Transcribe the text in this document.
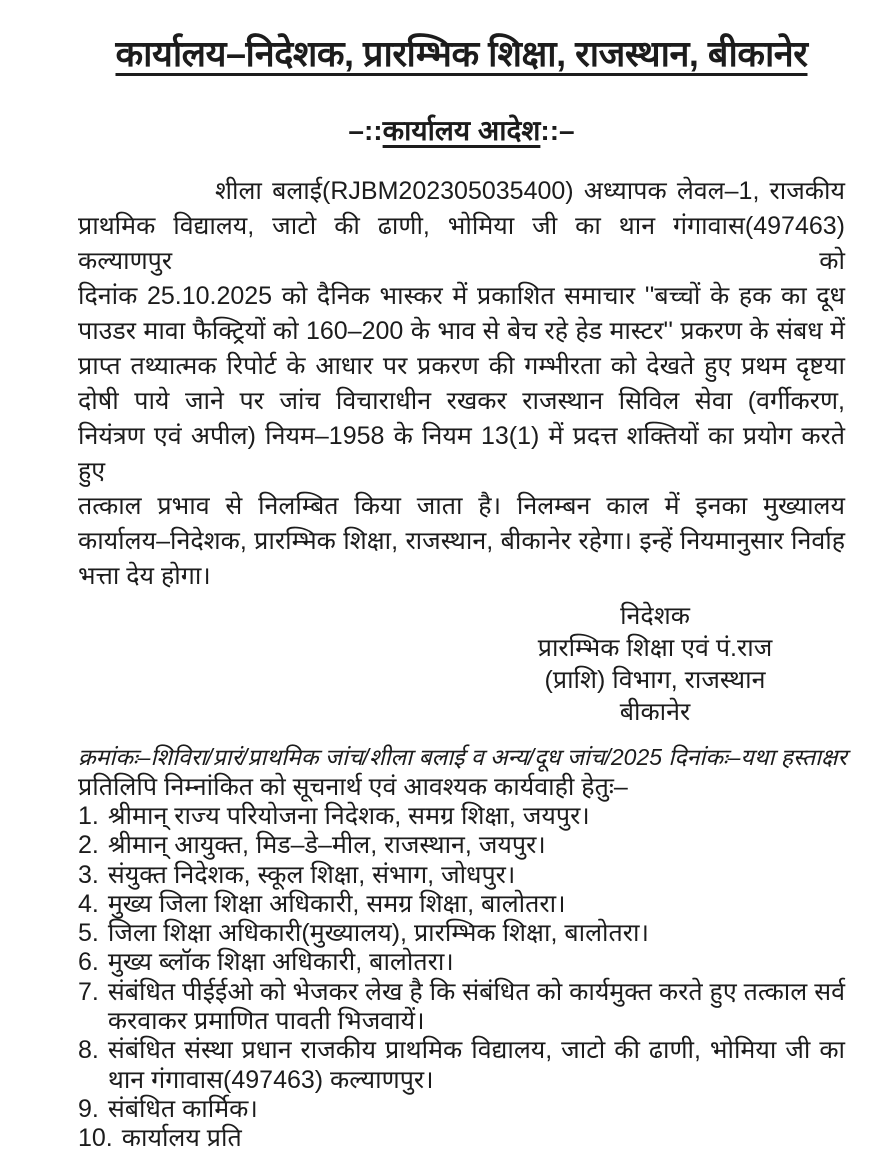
कार्यालय–निदेशक, प्रारम्भिक शिक्षा, राजस्थान, बीकानेर
–::कार्यालय आदेश::–
शीला बलाई(RJBM202305035400) अध्यापक लेवल–1, राजकीय
प्राथमिक विद्यालय, जाटो की ढाणी, भोमिया जी का थान गंगावास(497463) कल्याणपुर को
दिनांक 25.10.2025 को दैनिक भास्कर में प्रकाशित समाचार ''बच्चों के हक का दूध
पाउडर मावा फैक्ट्रियों को 160–200 के भाव से बेच रहे हेड मास्टर'' प्रकरण के संबध में
प्राप्त तथ्यात्मक रिपोर्ट के आधार पर प्रकरण की गम्भीरता को देखते हुए प्रथम दृष्टया
दोषी पाये जाने पर जांच विचाराधीन रखकर राजस्थान सिविल सेवा (वर्गीकरण,
नियंत्रण एवं अपील) नियम–1958 के नियम 13(1) में प्रदत्त शक्तियों का प्रयोग करते हुए
तत्काल प्रभाव से निलम्बित किया जाता है। निलम्बन काल में इनका मुख्यालय
कार्यालय–निदेशक, प्रारम्भिक शिक्षा, राजस्थान, बीकानेर रहेगा। इन्हें नियमानुसार निर्वाह
भत्ता देय होगा।
निदेशक
प्रारम्भिक शिक्षा एवं पं.राज
(प्राशि) विभाग, राजस्थान
बीकानेर
क्रमांकः–शिविरा/प्रारं/प्राथमिक जांच/शीला बलाई व अन्य/दूध जांच/2025 दिनांकः–यथा हस्ताक्षर
प्रतिलिपि निम्नांकित को सूचनार्थ एवं आवश्यक कार्यवाही हेतुः–
1. श्रीमान् राज्य परियोजना निदेशक, समग्र शिक्षा, जयपुर।
2. श्रीमान् आयुक्त, मिड–डे–मील, राजस्थान, जयपुर।
3. संयुक्त निदेशक, स्कूल शिक्षा, संभाग, जोधपुर।
4. मुख्य जिला शिक्षा अधिकारी, समग्र शिक्षा, बालोतरा।
5. जिला शिक्षा अधिकारी(मुख्यालय), प्रारम्भिक शिक्षा, बालोतरा।
6. मुख्य ब्लॉक शिक्षा अधिकारी, बालोतरा।
7. संबंधित पीईईओ को भेजकर लेख है कि संबंधित को कार्यमुक्त करते हुए तत्काल सर्व करवाकर प्रमाणित पावती भिजवायें।
8. संबंधित संस्था प्रधान राजकीय प्राथमिक विद्यालय, जाटो की ढाणी, भोमिया जी का थान गंगावास(497463) कल्याणपुर।
9. संबंधित कार्मिक।
10. कार्यालय प्रति
